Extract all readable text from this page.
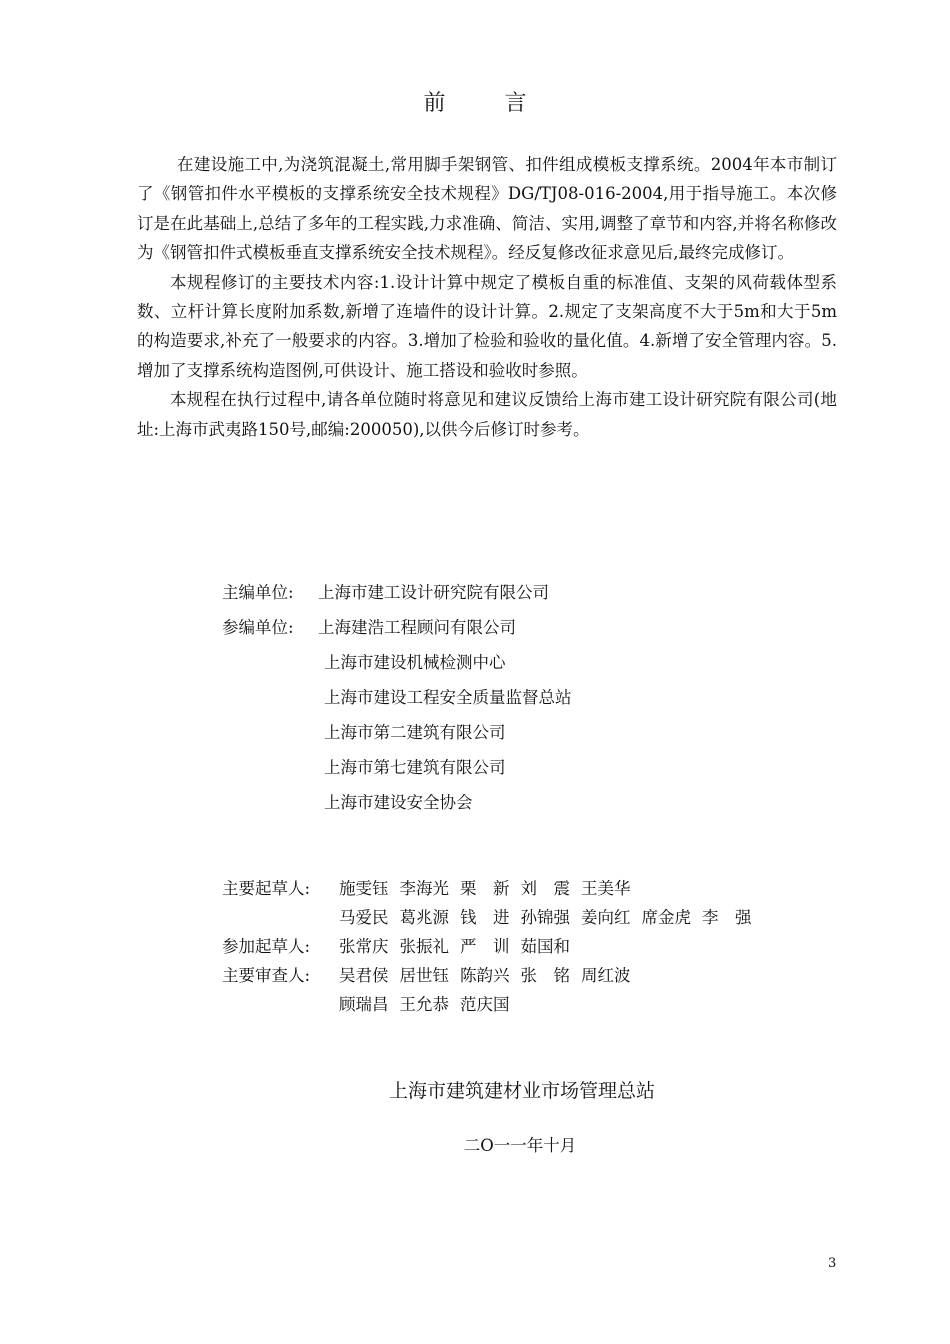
前 言

在建设施工中,为浇筑混凝土,常用脚手架钢管、扣件组成模板支撑系统。2004年本市制订了《钢管扣件水平模板的支撑系统安全技术规程》DG/TJ08-016-2004,用于指导施工。本次修订是在此基础上,总结了多年的工程实践,力求准确、简洁、实用,调整了章节和内容,并将名称修改为《钢管扣件式模板垂直支撑系统安全技术规程》。经反复修改征求意见后,最终完成修订。

本规程修订的主要技术内容:1.设计计算中规定了模板自重的标准值、支架的风荷载体型系数、立杆计算长度附加系数,新增了连墙件的设计计算。2.规定了支架高度不大于5m和大于5m的构造要求,补充了一般要求的内容。3.增加了检验和验收的量化值。4.新增了安全管理内容。5.增加了支撑系统构造图例,可供设计、施工搭设和验收时参照。

本规程在执行过程中,请各单位随时将意见和建议反馈给上海市建工设计研究院有限公司(地址:上海市武夷路150号,邮编:200050),以供今后修订时参考。

主编单位:	上海市建工设计研究院有限公司
参编单位:	上海建浩工程顾问有限公司
上海市建设机械检测中心
上海市建设工程安全质量监督总站
上海市第二建筑有限公司
上海市第七建筑有限公司
上海市建设安全协会
主要起草人:	施雯钰 李海光 栗　新 刘　震 王美华
马爱民 葛兆源 钱　进 孙锦强 姜向红 席金虎 李　强
参加起草人:	张常庆 张振礼 严　训 茹国和
主要审查人:	吴君侯 居世钰 陈韵兴 张　铭 周红波
顾瑞昌 王允恭 范庆国
上海市建筑建材业市场管理总站
二O一一年十月
3
